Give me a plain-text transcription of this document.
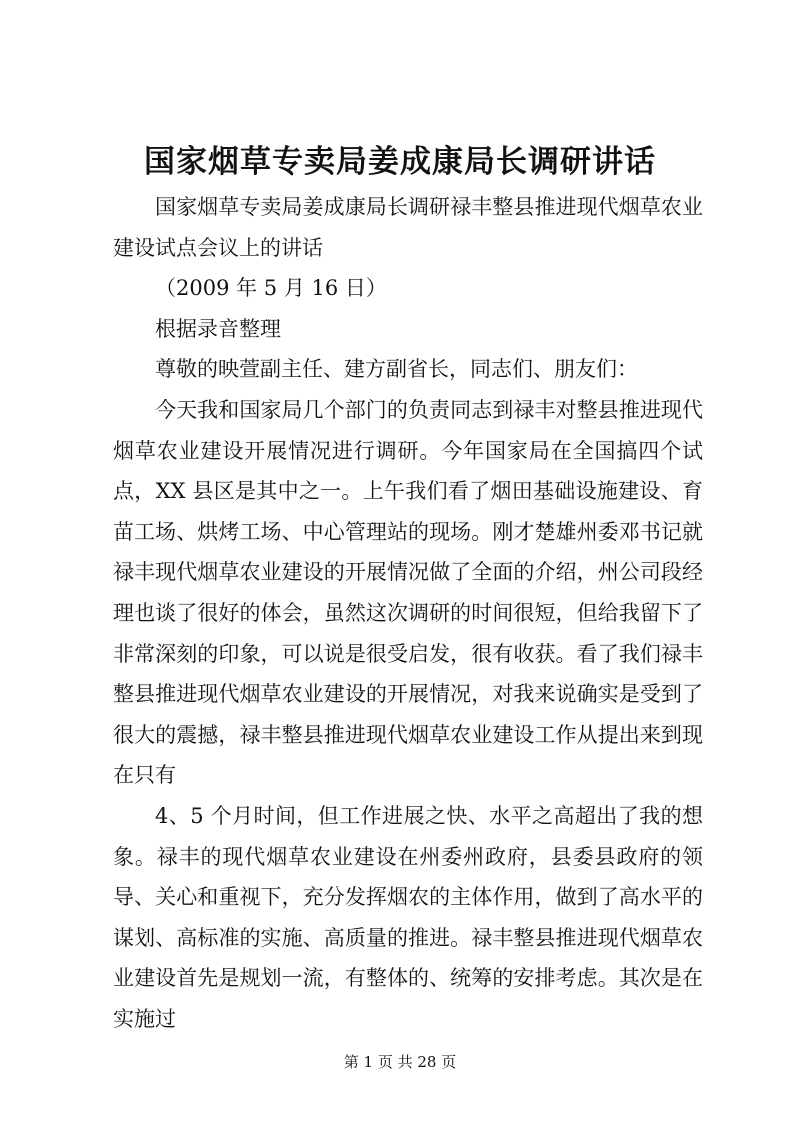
国家烟草专卖局姜成康局长调研讲话

国家烟草专卖局姜成康局长调研禄丰整县推进现代烟草农业建设试点会议上的讲话

（2009 年 5 月 16 日）

根据录音整理

尊敬的映萱副主任、建方副省长，同志们、朋友们：

今天我和国家局几个部门的负责同志到禄丰对整县推进现代烟草农业建设开展情况进行调研。今年国家局在全国搞四个试点，XX 县区是其中之一。上午我们看了烟田基础设施建设、育苗工场、烘烤工场、中心管理站的现场。刚才楚雄州委邓书记就禄丰现代烟草农业建设的开展情况做了全面的介绍，州公司段经理也谈了很好的体会，虽然这次调研的时间很短，但给我留下了非常深刻的印象，可以说是很受启发，很有收获。看了我们禄丰整县推进现代烟草农业建设的开展情况，对我来说确实是受到了很大的震撼，禄丰整县推进现代烟草农业建设工作从提出来到现在只有

4、5 个月时间，但工作进展之快、水平之高超出了我的想象。禄丰的现代烟草农业建设在州委州政府，县委县政府的领导、关心和重视下，充分发挥烟农的主体作用，做到了高水平的谋划、高标准的实施、高质量的推进。禄丰整县推进现代烟草农业建设首先是规划一流，有整体的、统筹的安排考虑。其次是在实施过

第 1 页 共 28 页
